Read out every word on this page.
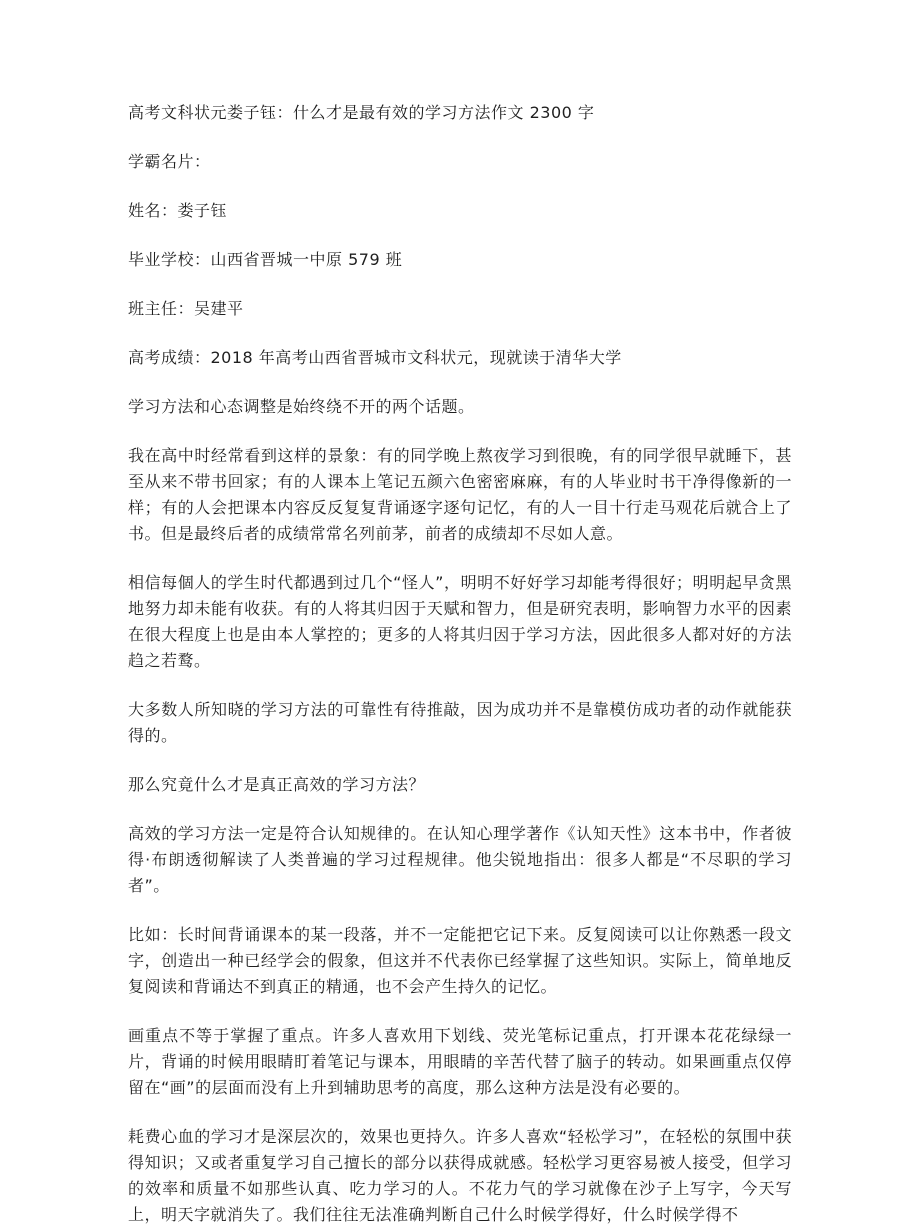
高考文科状元娄子钰：什么才是最有效的学习方法作文 2300 字

学霸名片：

姓名：娄子钰

毕业学校：山西省晋城一中原 579 班

班主任：吴建平

高考成绩：2018 年高考山西省晋城市文科状元，现就读于清华大学

学习方法和心态调整是始终绕不开的两个话题。

我在高中时经常看到这样的景象：有的同学晚上熬夜学习到很晚，有的同学很早就睡下，甚至从来不带书回家；有的人课本上笔记五颜六色密密麻麻，有的人毕业时书干净得像新的一样；有的人会把课本内容反反复复背诵逐字逐句记忆，有的人一目十行走马观花后就合上了书。但是最终后者的成绩常常名列前茅，前者的成绩却不尽如人意。

相信每個人的学生时代都遇到过几个“怪人”，明明不好好学习却能考得很好；明明起早贪黑地努力却未能有收获。有的人将其归因于天赋和智力，但是研究表明，影响智力水平的因素在很大程度上也是由本人掌控的；更多的人将其归因于学习方法，因此很多人都对好的方法趋之若鹜。

大多数人所知晓的学习方法的可靠性有待推敲，因为成功并不是靠模仿成功者的动作就能获得的。

那么究竟什么才是真正高效的学习方法？

高效的学习方法一定是符合认知规律的。在认知心理学著作《认知天性》这本书中，作者彼得·布朗透彻解读了人类普遍的学习过程规律。他尖锐地指出：很多人都是“不尽职的学习者”。

比如：长时间背诵课本的某一段落，并不一定能把它记下来。反复阅读可以让你熟悉一段文字，创造出一种已经学会的假象，但这并不代表你已经掌握了这些知识。实际上，简单地反复阅读和背诵达不到真正的精通，也不会产生持久的记忆。

画重点不等于掌握了重点。许多人喜欢用下划线、荧光笔标记重点，打开课本花花绿绿一片，背诵的时候用眼睛盯着笔记与课本，用眼睛的辛苦代替了脑子的转动。如果画重点仅停留在“画”的层面而没有上升到辅助思考的高度，那么这种方法是没有必要的。

耗费心血的学习才是深层次的，效果也更持久。许多人喜欢“轻松学习”，在轻松的氛围中获得知识；又或者重复学习自己擅长的部分以获得成就感。轻松学习更容易被人接受，但学习的效率和质量不如那些认真、吃力学习的人。不花力气的学习就像在沙子上写字，今天写上，明天字就消失了。我们往往无法准确判断自己什么时候学得好，什么时候学得不
